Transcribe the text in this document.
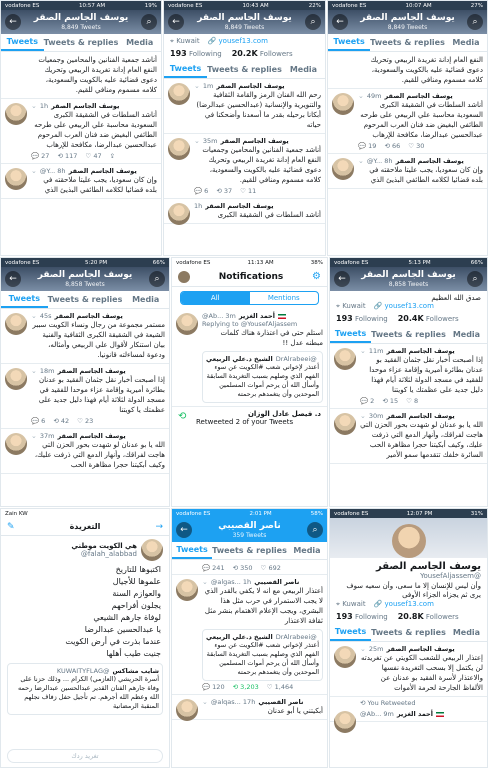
vodafone ES	10:57 AM	19%
←	يوسف الجاسم الصقر
8,849 Tweets
⌕
Tweets Tweets & replies Media
أناشد جمعية الفنانين والمحامين وجمعيات النفع العام إدانة تغريدة الربيعي وتحريك دعوى قضائية عليه بالكويت والسعودية، كلامه مسموم ومنافي للقيم.
⌄ 1h يوسف الجاسم الصقر
أناشد السلطات في الشقيقة الكبرى السعودية محاسبة علي الربيعي على طرحه الطائفي البغيض ضد فنان العرب المرحوم عبدالحسين عبدالرضا، مكافحة للإرهاب
💬 27 ⟲ 117 ♡ 47 ⇪
⌄ @Y... 8h يوسف الجاسم الصقر
وإن كان سعوديا، يجب عليتا ملاحقته في بلده قضائيا لكلامه الطائفي البذيئ الذي
vodafone ES	10:43 AM	22%
←	يوسف الجاسم الصقر
8,849 Tweets
⌕
⌖ Kuwait 🔗 yousef13.com
193 Following 20.2K Followers
Tweets Tweets & replies Media
⌄ 1m يوسف الجاسم الصقر
رحم الله الفنان الرمز والقامة الثقافية والتنويرية والإنسانية (عبدالحسين عبدالرضا) أبكانا برحيله بقدر ما أسعدنا وأضحكنا في حياته
⌄ 35m يوسف الجاسم الصقر
أناشد جمعية الفنانين والمحامين وجمعيات النفع العام إدانة تغريدة الربيعي وتحريك دعوى قضائية عليه بالكويت والسعودية، كلامه مسموم ومنافي للقيم.
💬 6 ⟲ 37 ♡ 11
1h يوسف الجاسم الصقر
أناشد السلطات في الشقيقة الكبرى
vodafone ES	10:07 AM	27%
←	يوسف الجاسم الصقر
8,849 Tweets
⌕
Tweets Tweets & replies Media
النفع العام إدانة تغريدة الربيعي وتحريك دعوى قضائية عليه بالكويت والسعودية، كلامه مسموم ومنافي للقيم.
⌄ 49m يوسف الجاسم الصقر
أناشد السلطات في الشقيقة الكبرى السعودية محاسبة علي الربيعي على طرحه الطائفي البغيض ضد فنان العرب المرحوم عبدالحسين عبدالرضا، مكافحة للإرهاب
💬 19 ⟲ 66 ♡ 30
⌄ @Y... 8h يوسف الجاسم الصقر
وإن كان سعوديا، يجب عليتا ملاحقته في بلده قضائيا لكلامه الطائفي البذيئ الذي
vodafone ES	5:20 PM	66%
←	يوسف الجاسم الصقر
8,858 Tweets
⌕
Tweets Tweets & replies	Media
⌄ 45s يوسف الجاسم الصقر
مستمر مجموعة من رجال ونساء الكويت سببر الشيعة في الشقيقة الكبرى الثقافية والفنية بيان استنكار لأقوال علي الربيعي وأمثاله، ودعوة لمساءلته قانونيا.
⌄ 18m يوسف الجاسم الصقر
إذا أصبحت أخبار نقل جثمان الفقيد بو عدنان بطائرة أميرية وإقامة عزاء موحدا للفقيد في مسجد الدولة لثلاثة أيام فهذا دليل جديد على عظمتك يا كويتنا
💬 6 ⟲ 42 ♡ 23
⌄ 37m يوسف الجاسم الصقر
الله يا بو عدنان لو شهدت بحور الحزن التي هاجت لفراقك، وأنهار الدمع التي ذرفت عليك، وكيف أبكيتنا حجرا مظاهرة الحب
vodafone ES	11:13 AM	38%
Notifications	⚙
All	Mentions
@Ab... 3m أحمد الغزير
Replying to @YousefAljassem
استلم حتى في اعتذارة هناك كلمات مبطنه عدل !!
@DrAlrabeei
الشيخ د.علي الربيعي
أعتذر لإخواني شعب #الكويت عن سوء الفهم الذي وصلهم بسبب التغريدة السابقة وأسأل الله أن يرحم أموات المسلمين الموحدين وأن يتغمدهم برحمته
⟲	د. فيصل عادل الوزان
Retweeted 2 of your Tweets
vodafone ES	5:13 PM	66%
←	يوسف الجاسم الصقر
8,858 Tweets
⌕
صدق الله العظيم
⌖ Kuwait 🔗 yousef13.com
193 Following 20.4K Followers
Tweets Tweets & replies Media
⌄ 11m يوسف الجاسم الصقر
إذا أصبحت أخبار نقل جثمان الفقيد بو عدنان بطائرة أميرية وإقامة عزاء موحدا للفقيد في مسجد الدولة لثلاثة أيام فهذا دليل جديد على عظمتك يا كويتنا
💬 2 ⟲ 15 ♡ 8
⌄ 30m يوسف الجاسم الصقر
الله يا بو عدنان لو شهدت بحور الحزن التي هاجت لفراقك، وأنهار الدمع التي ذرفت عليك، وكيف أبكيتنا حجرا مظاهرة الحب السائرة خلفك تتقدمها سمو الأمير
Zain KW
✎	التغريدة	→
هي الكويت موطني
@falah_alabbad
اكتبوها للتاريخ
علموها للأجيال
والعوازم السنة
يجلون أفراحهم
لوفاة جارهم الشيعي
يا عبدالحسين عبدالرضا
عندما بذرت في أرض الكويت
جنيت طيب أهلها
شايب مشاكس
@KUWAITYFLAG
أسرة الحريشي (العازمي) الكرام ... وذلك حزنا على وفاة جارهم الفنان القدير عبدالحسين عبدالرضا رحمه الله وعظم الله أجرهم. تم تأجيل حفل زفاف نجلهم المنقبة الرمضانية
تغريد ردك
vodafone ES	2:01 PM	58%
←	ناصر القصيبي
359 Tweets
⌕
Tweets Tweets & replies Media
💬 241 ⟲ 350 ♡ 692
⌄ @algas... 1h ناصر القصيبي
أعتذار الربيعي مع انه لا يكفي بالقدر الذي لا يجب الاستمرار في حرب مثل هذا البشري، ويجب الإعلام الاهتمام بنشر مثل ثقافة الاعتذار
@DrAlrabeei
الشيخ د.علي الربيعي
أعتذر لإخواني شعب #الكويت عن سوء الفهم الذي وصلهم بسبب التغريدة السابقة وأسأل الله أن يرحم أموات المسلمين الموحدين وأن يتغمدهم برحمته
💬 120 ⟲ 3,203 ♡ 1,464
⌄ @alqas... 17h ناصر القصيبي
أبكيتني يا أبو عدنان
vodafone ES	12:07 PM	31%
يوسف الجاسم الصقر
@YousefAljassem
وأن ليس للإنسان إلا ما سعى، وأن سعيه سوف يرى ثم يجزاه الجزاء الأوفى
⌖ Kuwait 🔗 yousef13.com
193 Following 20.8K Followers
Tweets Tweets & replies Media
⌄ 25m يوسف الجاسم الصقر
إعتذار الربيعي للشعب الكويتي عن تغريدته لن يكتمل إلا بسحب التغريدة نفسها والاعتذار لأسرة الفقيد بو عدنان عن الألفاظ الجارحة لحرمة الأموات
⟲ You Retweeted
@Ab... 9m أحمد الغزير
